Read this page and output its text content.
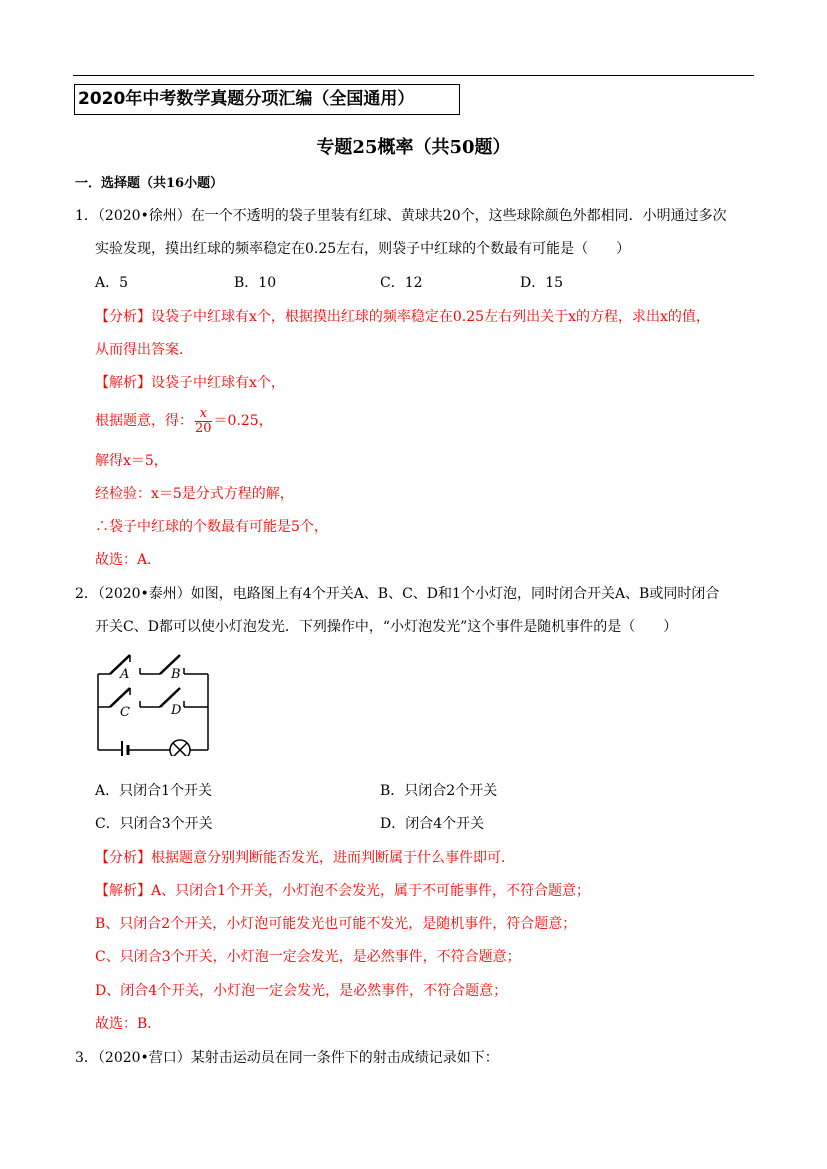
2020年中考数学真题分项汇编（全国通用）
专题25概率（共50题）
一．选择题（共16小题）
1．（2020•徐州）在一个不透明的袋子里装有红球、黄球共20个，这些球除颜色外都相同．小明通过多次
实验发现，摸出红球的频率稳定在0.25左右，则袋子中红球的个数最有可能是（　　）
A．5	B．10	C．12	D．15
【分析】设袋子中红球有x个，根据摸出红球的频率稳定在0.25左右列出关于x的方程，求出x的值，
从而得出答案．
【解析】设袋子中红球有x个，
根据题意，得： $\frac{x}{20} =0.25$，
解得x＝5，
经检验：x＝5是分式方程的解，
∴袋子中红球的个数最有可能是5个，
故选：A．
2．（2020•泰州）如图，电路图上有4个开关A、B、C、D和1个小灯泡，同时闭合开关A、B或同时闭合
开关C、D都可以使小灯泡发光．下列操作中，“小灯泡发光”这个事件是随机事件的是（　　）
A	B
C	D
A．只闭合1个开关	B．只闭合2个开关
C．只闭合3个开关	D．闭合4个开关
【分析】根据题意分别判断能否发光，进而判断属于什么事件即可．
【解析】A、只闭合1个开关，小灯泡不会发光，属于不可能事件，不符合题意；
B、只闭合2个开关，小灯泡可能发光也可能不发光，是随机事件，符合题意；
C、只闭合3个开关，小灯泡一定会发光，是必然事件，不符合题意；
D、闭合4个开关，小灯泡一定会发光，是必然事件，不符合题意；
故选：B．
3．（2020•营口）某射击运动员在同一条件下的射击成绩记录如下：
